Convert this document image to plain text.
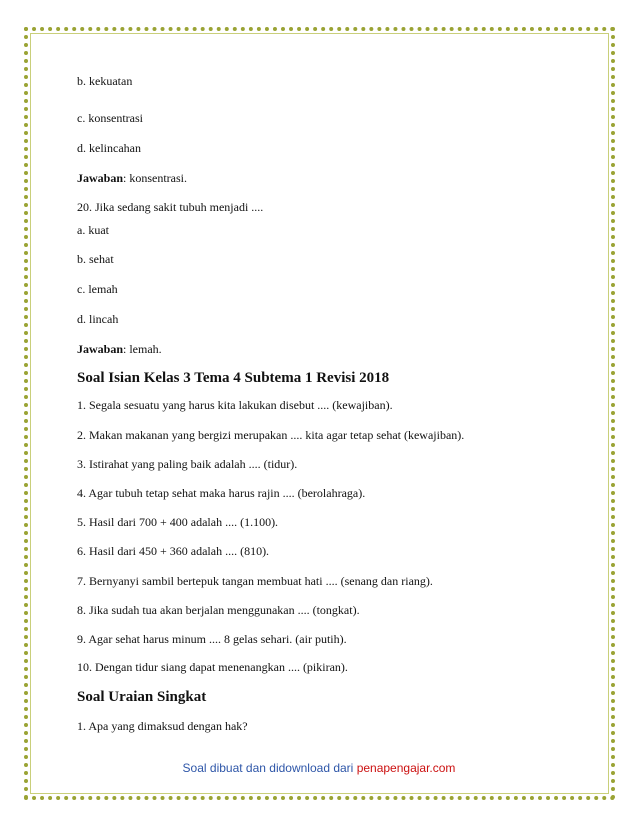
b. kekuatan
c. konsentrasi
d. kelincahan
Jawaban: konsentrasi.
20. Jika sedang sakit tubuh menjadi ....
a. kuat
b. sehat
c. lemah
d. lincah
Jawaban: lemah.
Soal Isian Kelas 3 Tema 4 Subtema 1 Revisi 2018
1. Segala sesuatu yang harus kita lakukan disebut .... (kewajiban).
2. Makan makanan yang bergizi merupakan .... kita agar tetap sehat (kewajiban).
3. Istirahat yang paling baik adalah .... (tidur).
4. Agar tubuh tetap sehat maka harus rajin .... (berolahraga).
5. Hasil dari 700 + 400 adalah .... (1.100).
6. Hasil dari 450 + 360 adalah .... (810).
7. Bernyanyi sambil bertepuk tangan membuat hati .... (senang dan riang).
8. Jika sudah tua akan berjalan menggunakan .... (tongkat).
9. Agar sehat harus minum .... 8 gelas sehari. (air putih).
10. Dengan tidur siang dapat menenangkan .... (pikiran).
Soal Uraian Singkat
1. Apa yang dimaksud dengan hak?
Soal dibuat dan didownload dari penapengajar.com
